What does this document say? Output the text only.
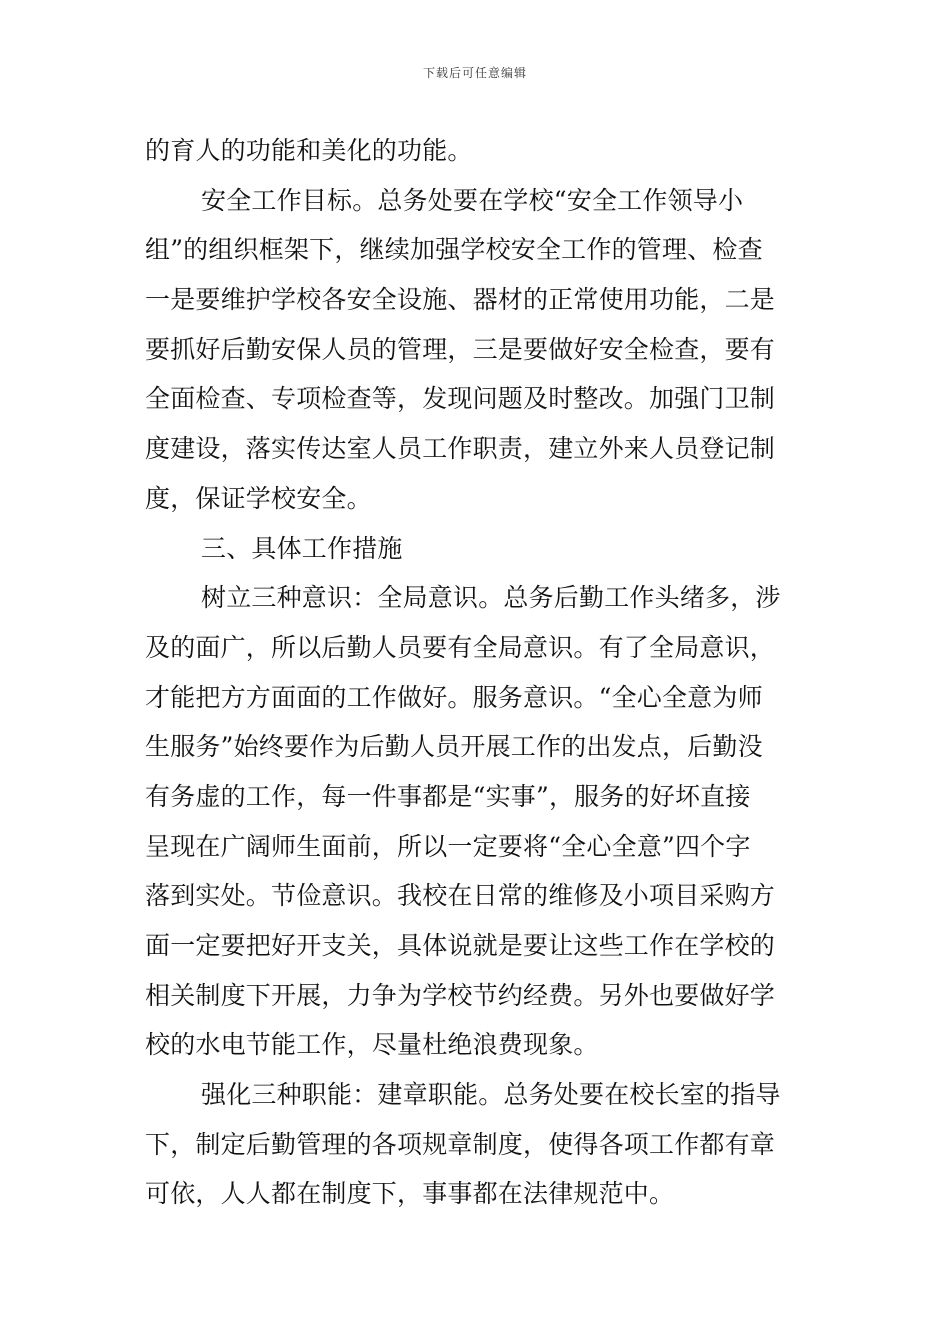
下载后可任意编辑
的育人的功能和美化的功能。
安全工作目标。总务处要在学校“安全工作领导小
组”的组织框架下，继续加强学校安全工作的管理、检查
一是要维护学校各安全设施、器材的正常使用功能，二是
要抓好后勤安保人员的管理，三是要做好安全检查，要有
全面检查、专项检查等，发现问题及时整改。加强门卫制
度建设，落实传达室人员工作职责，建立外来人员登记制
度，保证学校安全。
三、具体工作措施
树立三种意识：全局意识。总务后勤工作头绪多，涉
及的面广，所以后勤人员要有全局意识。有了全局意识，
才能把方方面面的工作做好。服务意识。“全心全意为师
生服务”始终要作为后勤人员开展工作的出发点，后勤没
有务虚的工作，每一件事都是“实事”，服务的好坏直接
呈现在广阔师生面前，所以一定要将“全心全意”四个字
落到实处。节俭意识。我校在日常的维修及小项目采购方
面一定要把好开支关，具体说就是要让这些工作在学校的
相关制度下开展，力争为学校节约经费。另外也要做好学
校的水电节能工作，尽量杜绝浪费现象。
强化三种职能：建章职能。总务处要在校长室的指导
下，制定后勤管理的各项规章制度，使得各项工作都有章
可依，人人都在制度下，事事都在法律规范中。
